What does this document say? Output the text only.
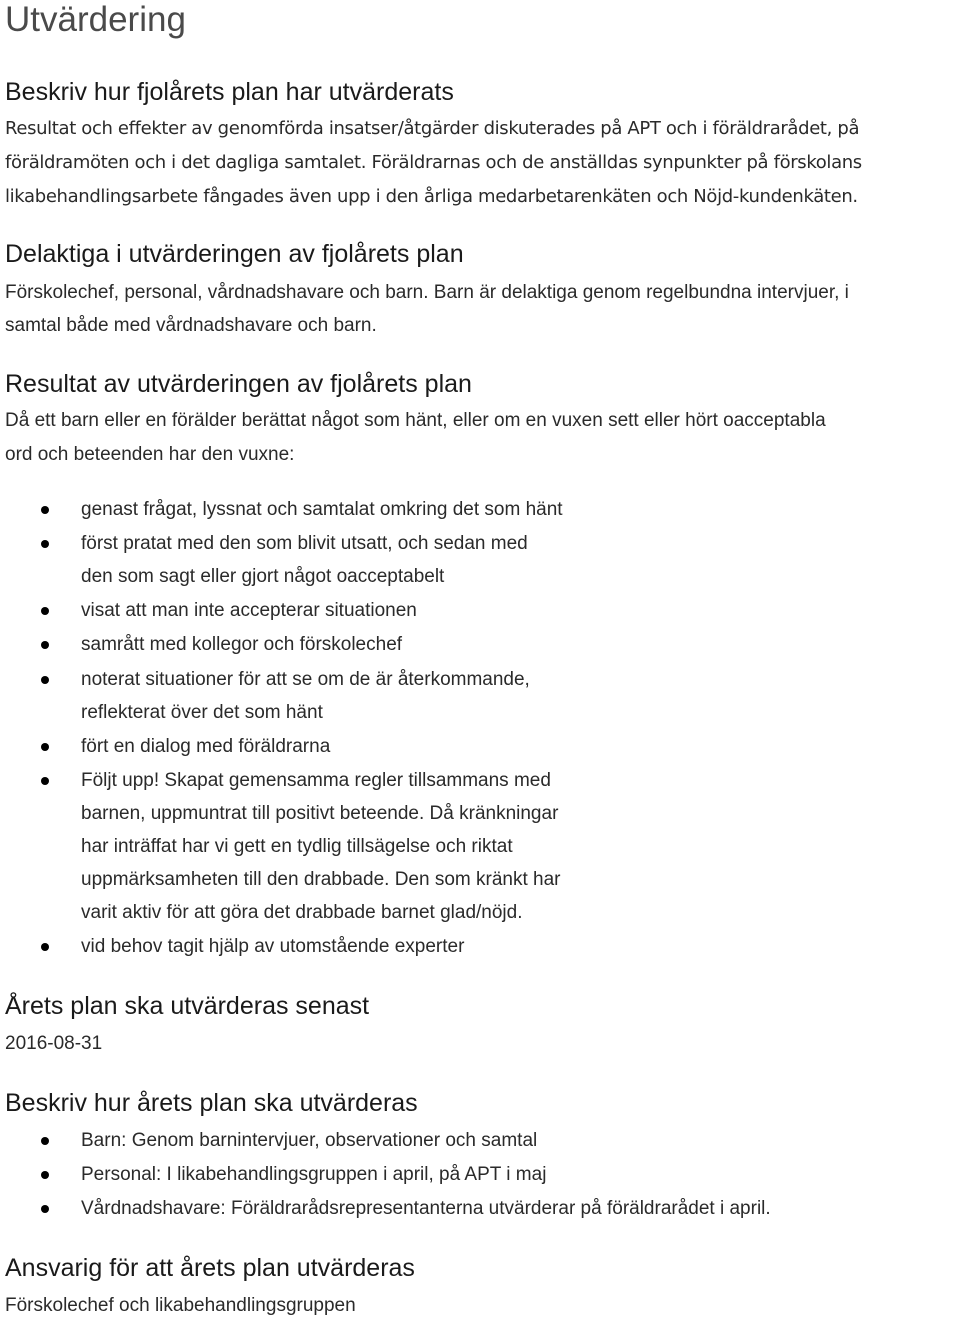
Utvärdering
Beskriv hur fjolårets plan har utvärderats
Resultat och effekter av genomförda insatser/åtgärder diskuterades på APT och i föräldrarådet, på
föräldramöten och i det dagliga samtalet. Föräldrarnas och de anställdas synpunkter på förskolans
likabehandlingsarbete fångades även upp i den årliga medarbetarenkäten och Nöjd-kundenkäten.
Delaktiga i utvärderingen av fjolårets plan
Förskolechef, personal, vårdnadshavare och barn. Barn är delaktiga genom regelbundna intervjuer, i
samtal både med vårdnadshavare och barn.
Resultat av utvärderingen av fjolårets plan
Då ett barn eller en förälder berättat något som hänt, eller om en vuxen sett eller hört oacceptabla
ord och beteenden har den vuxne:
genast frågat, lyssnat och samtalat omkring det som hänt
först pratat med den som blivit utsatt, och sedan med
den som sagt eller gjort något oacceptabelt
visat att man inte accepterar situationen
samrått med kollegor och förskolechef
noterat situationer för att se om de är återkommande,
reflekterat över det som hänt
fört en dialog med föräldrarna
Följt upp! Skapat gemensamma regler tillsammans med
barnen, uppmuntrat till positivt beteende. Då kränkningar
har inträffat har vi gett en tydlig tillsägelse och riktat
uppmärksamheten till den drabbade. Den som kränkt har
varit aktiv för att göra det drabbade barnet glad/nöjd.
vid behov tagit hjälp av utomstående experter
Årets plan ska utvärderas senast
2016-08-31
Beskriv hur årets plan ska utvärderas
Barn: Genom barnintervjuer, observationer och samtal
Personal: I likabehandlingsgruppen i april, på APT i maj
Vårdnadshavare: Föräldrarådsrepresentanterna utvärderar på föräldrarådet i april.
Ansvarig för att årets plan utvärderas
Förskolechef och likabehandlingsgruppen
